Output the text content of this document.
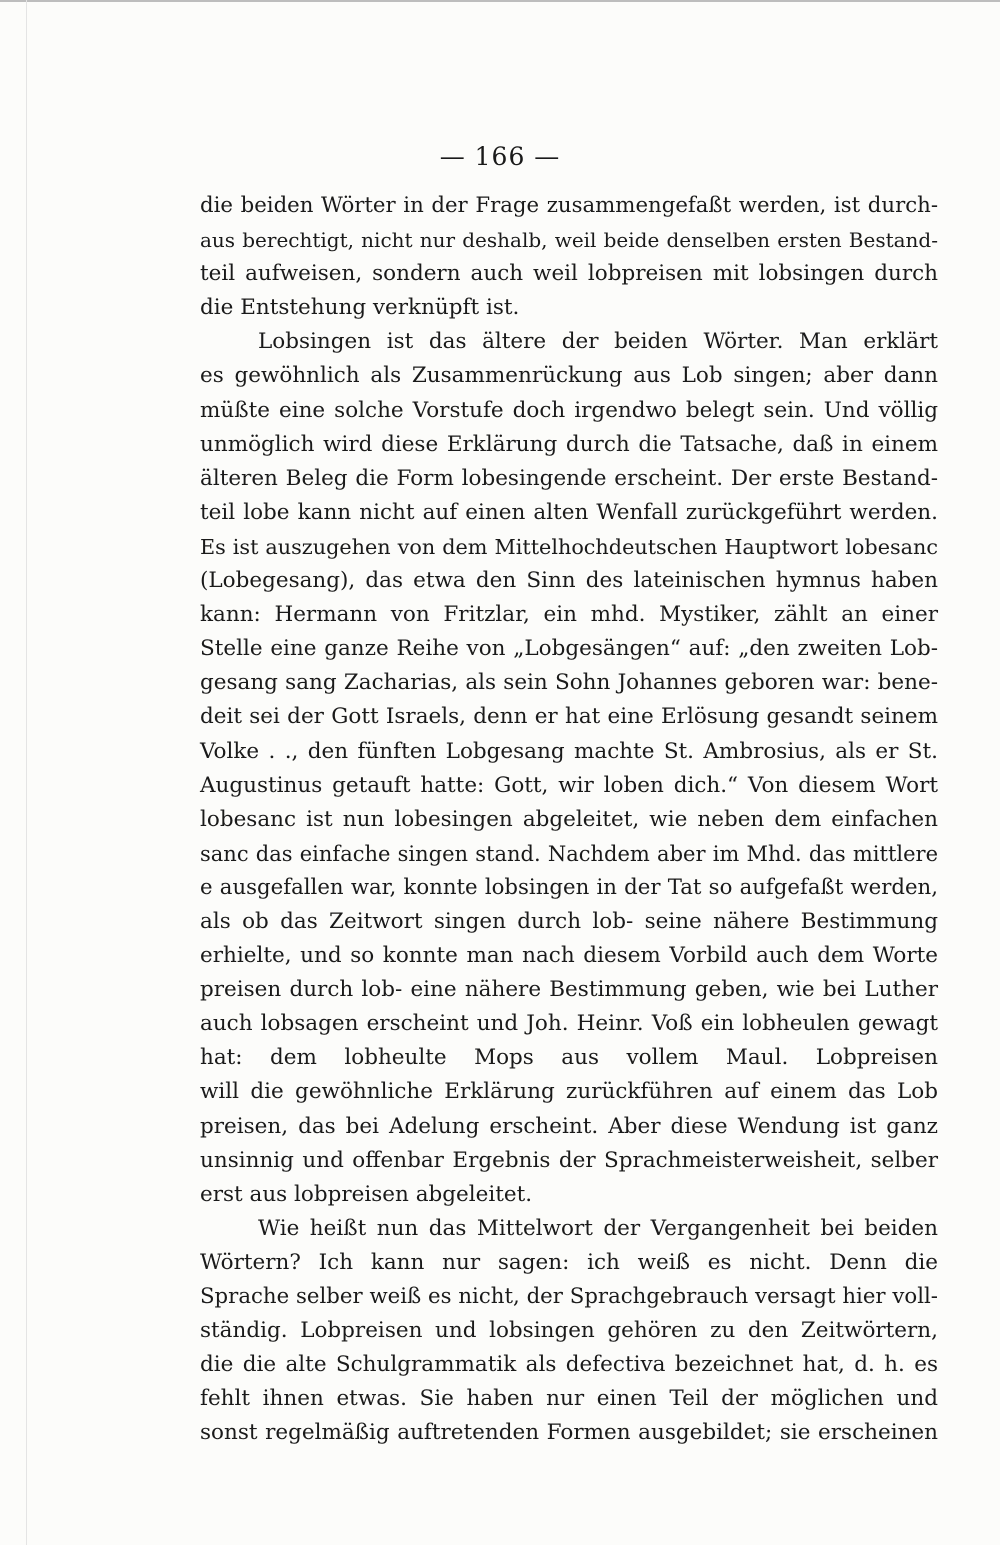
— 166 —
die beiden Wörter in der Frage zusammengefaßt werden, ist durch-
aus berechtigt, nicht nur deshalb, weil beide denselben ersten Bestand-
teil aufweisen, sondern auch weil lobpreisen mit lobsingen durch
die Entstehung verknüpft ist.
Lobsingen ist das ältere der beiden Wörter. Man erklärt
es gewöhnlich als Zusammenrückung aus Lob singen; aber dann
müßte eine solche Vorstufe doch irgendwo belegt sein. Und völlig
unmöglich wird diese Erklärung durch die Tatsache, daß in einem
älteren Beleg die Form lobesingende erscheint. Der erste Bestand-
teil lobe kann nicht auf einen alten Wenfall zurückgeführt werden.
Es ist auszugehen von dem Mittelhochdeutschen Hauptwort lobesanc
(Lobegesang), das etwa den Sinn des lateinischen hymnus haben
kann: Hermann von Fritzlar, ein mhd. Mystiker, zählt an einer
Stelle eine ganze Reihe von „Lobgesängen“ auf: „den zweiten Lob-
gesang sang Zacharias, als sein Sohn Johannes geboren war: bene-
deit sei der Gott Israels, denn er hat eine Erlösung gesandt seinem
Volke . ., den fünften Lobgesang machte St. Ambrosius, als er St.
Augustinus getauft hatte: Gott, wir loben dich.“ Von diesem Wort
lobesanc ist nun lobesingen abgeleitet, wie neben dem einfachen
sanc das einfache singen stand. Nachdem aber im Mhd. das mittlere
e ausgefallen war, konnte lobsingen in der Tat so aufgefaßt werden,
als ob das Zeitwort singen durch lob- seine nähere Bestimmung
erhielte, und so konnte man nach diesem Vorbild auch dem Worte
preisen durch lob- eine nähere Bestimmung geben, wie bei Luther
auch lobsagen erscheint und Joh. Heinr. Voß ein lobheulen gewagt
hat: dem lobheulte Mops aus vollem Maul. Lobpreisen
will die gewöhnliche Erklärung zurückführen auf einem das Lob
preisen, das bei Adelung erscheint. Aber diese Wendung ist ganz
unsinnig und offenbar Ergebnis der Sprachmeisterweisheit, selber
erst aus lobpreisen abgeleitet.
Wie heißt nun das Mittelwort der Vergangenheit bei beiden
Wörtern? Ich kann nur sagen: ich weiß es nicht. Denn die
Sprache selber weiß es nicht, der Sprachgebrauch versagt hier voll-
ständig. Lobpreisen und lobsingen gehören zu den Zeitwörtern,
die die alte Schulgrammatik als defectiva bezeichnet hat, d. h. es
fehlt ihnen etwas. Sie haben nur einen Teil der möglichen und
sonst regelmäßig auftretenden Formen ausgebildet; sie erscheinen
